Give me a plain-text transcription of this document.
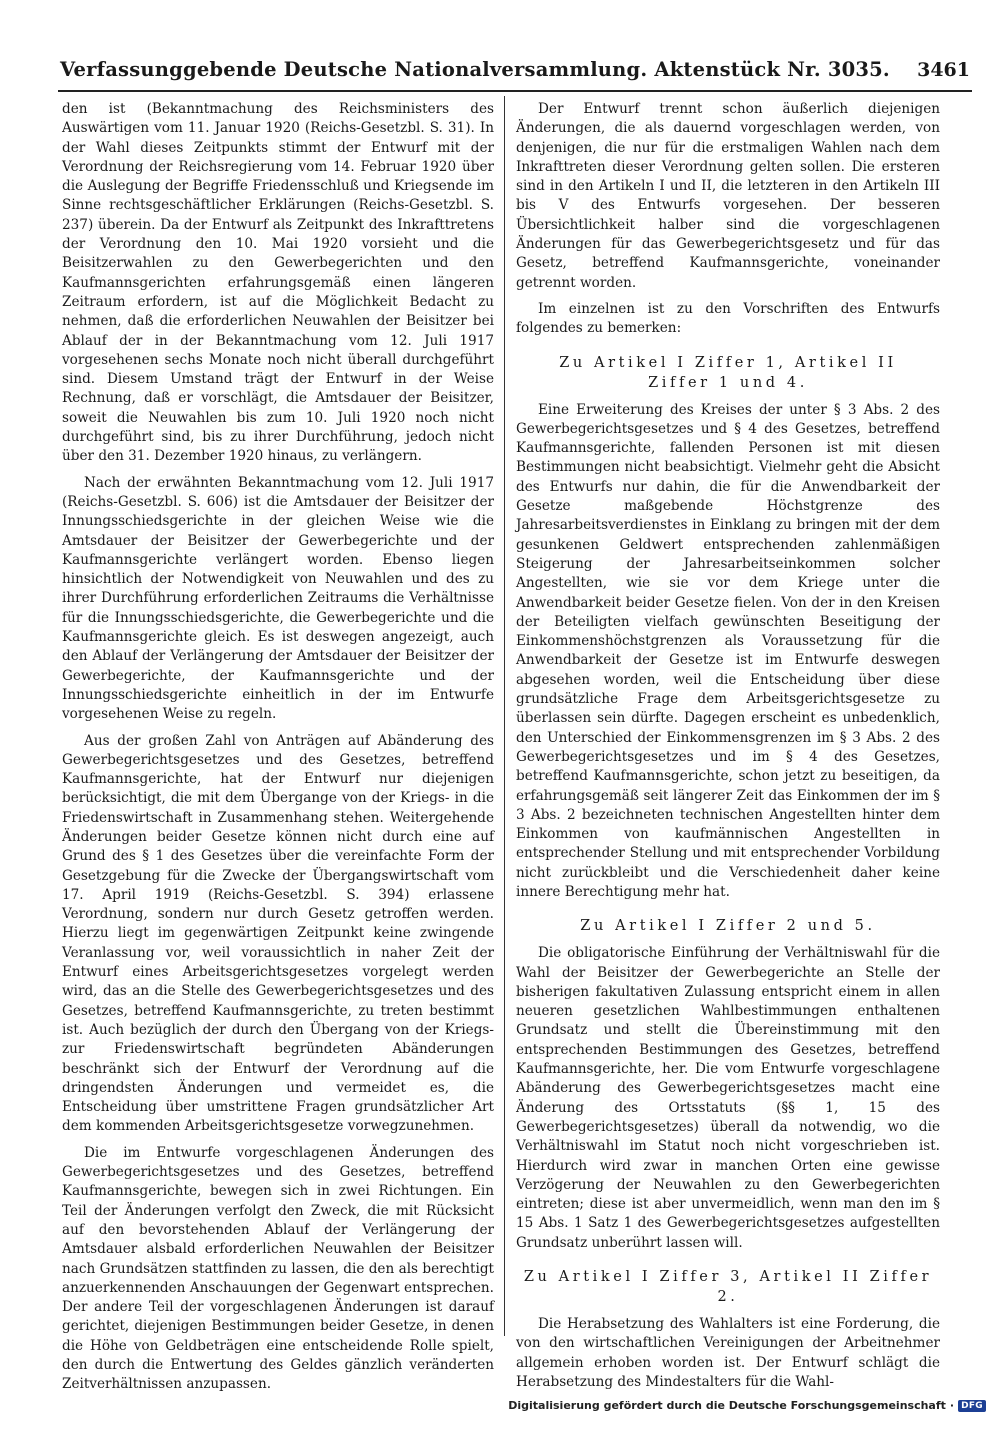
Verfassunggebende Deutsche Nationalversammlung. Aktenstück Nr. 3035. 3461

den ist (Bekanntmachung des Reichsministers des Auswärtigen vom 11. Januar 1920 (Reichs-Gesetzbl. S. 31). In der Wahl dieses Zeitpunkts stimmt der Entwurf mit der Verordnung der Reichsregierung vom 14. Februar 1920 über die Auslegung der Begriffe Friedensschluß und Kriegsende im Sinne rechtsgeschäftlicher Erklärungen (Reichs-Gesetzbl. S. 237) überein. Da der Entwurf als Zeitpunkt des Inkrafttretens der Verordnung den 10. Mai 1920 vorsieht und die Beisitzerwahlen zu den Gewerbegerichten und den Kaufmannsgerichten erfahrungsgemäß einen längeren Zeitraum erfordern, ist auf die Möglichkeit Bedacht zu nehmen, daß die erforderlichen Neuwahlen der Beisitzer bei Ablauf der in der Bekanntmachung vom 12. Juli 1917 vorgesehenen sechs Monate noch nicht überall durchgeführt sind. Diesem Umstand trägt der Entwurf in der Weise Rechnung, daß er vorschlägt, die Amtsdauer der Beisitzer, soweit die Neuwahlen bis zum 10. Juli 1920 noch nicht durchgeführt sind, bis zu ihrer Durchführung, jedoch nicht über den 31. Dezember 1920 hinaus, zu verlängern.

Nach der erwähnten Bekanntmachung vom 12. Juli 1917 (Reichs-Gesetzbl. S. 606) ist die Amtsdauer der Beisitzer der Innungsschiedsgerichte in der gleichen Weise wie die Amtsdauer der Beisitzer der Gewerbegerichte und der Kaufmannsgerichte verlängert worden. Ebenso liegen hinsichtlich der Notwendigkeit von Neuwahlen und des zu ihrer Durchführung erforderlichen Zeitraums die Verhältnisse für die Innungsschiedsgerichte, die Gewerbegerichte und die Kaufmannsgerichte gleich. Es ist deswegen angezeigt, auch den Ablauf der Verlängerung der Amtsdauer der Beisitzer der Gewerbegerichte, der Kaufmannsgerichte und der Innungsschiedsgerichte einheitlich in der im Entwurfe vorgesehenen Weise zu regeln.

Aus der großen Zahl von Anträgen auf Abänderung des Gewerbegerichtsgesetzes und des Gesetzes, betreffend Kaufmannsgerichte, hat der Entwurf nur diejenigen berücksichtigt, die mit dem Übergange von der Kriegs- in die Friedenswirtschaft in Zusammenhang stehen. Weitergehende Änderungen beider Gesetze können nicht durch eine auf Grund des § 1 des Gesetzes über die vereinfachte Form der Gesetzgebung für die Zwecke der Übergangswirtschaft vom 17. April 1919 (Reichs-Gesetzbl. S. 394) erlassene Verordnung, sondern nur durch Gesetz getroffen werden. Hierzu liegt im gegenwärtigen Zeitpunkt keine zwingende Veranlassung vor, weil voraussichtlich in naher Zeit der Entwurf eines Arbeitsgerichtsgesetzes vorgelegt werden wird, das an die Stelle des Gewerbegerichtsgesetzes und des Gesetzes, betreffend Kaufmannsgerichte, zu treten bestimmt ist. Auch bezüglich der durch den Übergang von der Kriegs- zur Friedenswirtschaft begründeten Abänderungen beschränkt sich der Entwurf der Verordnung auf die dringendsten Änderungen und vermeidet es, die Entscheidung über umstrittene Fragen grundsätzlicher Art dem kommenden Arbeitsgerichtsgesetze vorwegzunehmen.

Die im Entwurfe vorgeschlagenen Änderungen des Gewerbegerichtsgesetzes und des Gesetzes, betreffend Kaufmannsgerichte, bewegen sich in zwei Richtungen. Ein Teil der Änderungen verfolgt den Zweck, die mit Rücksicht auf den bevorstehenden Ablauf der Verlängerung der Amtsdauer alsbald erforderlichen Neuwahlen der Beisitzer nach Grundsätzen stattfinden zu lassen, die den als berechtigt anzuerkennenden Anschauungen der Gegenwart entsprechen. Der andere Teil der vorgeschlagenen Änderungen ist darauf gerichtet, diejenigen Bestimmungen beider Gesetze, in denen die Höhe von Geldbeträgen eine entscheidende Rolle spielt, den durch die Entwertung des Geldes gänzlich veränderten Zeitverhältnissen anzupassen.

Der Entwurf trennt schon äußerlich diejenigen Änderungen, die als dauernd vorgeschlagen werden, von denjenigen, die nur für die erstmaligen Wahlen nach dem Inkrafttreten dieser Verordnung gelten sollen. Die ersteren sind in den Artikeln I und II, die letzteren in den Artikeln III bis V des Entwurfs vorgesehen. Der besseren Übersichtlichkeit halber sind die vorgeschlagenen Änderungen für das Gewerbegerichtsgesetz und für das Gesetz, betreffend Kaufmannsgerichte, voneinander getrennt worden.

Im einzelnen ist zu den Vorschriften des Entwurfs folgendes zu bemerken:

Zu Artikel I Ziffer 1, Artikel II
Ziffer 1 und 4.

Eine Erweiterung des Kreises der unter § 3 Abs. 2 des Gewerbegerichtsgesetzes und § 4 des Gesetzes, betreffend Kaufmannsgerichte, fallenden Personen ist mit diesen Bestimmungen nicht beabsichtigt. Vielmehr geht die Absicht des Entwurfs nur dahin, die für die Anwendbarkeit der Gesetze maßgebende Höchstgrenze des Jahresarbeitsverdienstes in Einklang zu bringen mit der dem gesunkenen Geldwert entsprechenden zahlenmäßigen Steigerung der Jahresarbeitseinkommen solcher Angestellten, wie sie vor dem Kriege unter die Anwendbarkeit beider Gesetze fielen. Von der in den Kreisen der Beteiligten vielfach gewünschten Beseitigung der Einkommenshöchstgrenzen als Voraussetzung für die Anwendbarkeit der Gesetze ist im Entwurfe deswegen abgesehen worden, weil die Entscheidung über diese grundsätzliche Frage dem Arbeitsgerichtsgesetze zu überlassen sein dürfte. Dagegen erscheint es unbedenklich, den Unterschied der Einkommensgrenzen im § 3 Abs. 2 des Gewerbegerichtsgesetzes und im § 4 des Gesetzes, betreffend Kaufmannsgerichte, schon jetzt zu beseitigen, da erfahrungsgemäß seit längerer Zeit das Einkommen der im § 3 Abs. 2 bezeichneten technischen Angestellten hinter dem Einkommen von kaufmännischen Angestellten in entsprechender Stellung und mit entsprechender Vorbildung nicht zurückbleibt und die Verschiedenheit daher keine innere Berechtigung mehr hat.

Zu Artikel I Ziffer 2 und 5.

Die obligatorische Einführung der Verhältniswahl für die Wahl der Beisitzer der Gewerbegerichte an Stelle der bisherigen fakultativen Zulassung entspricht einem in allen neueren gesetzlichen Wahlbestimmungen enthaltenen Grundsatz und stellt die Übereinstimmung mit den entsprechenden Bestimmungen des Gesetzes, betreffend Kaufmannsgerichte, her. Die vom Entwurfe vorgeschlagene Abänderung des Gewerbegerichtsgesetzes macht eine Änderung des Ortsstatuts (§§ 1, 15 des Gewerbegerichtsgesetzes) überall da notwendig, wo die Verhältniswahl im Statut noch nicht vorgeschrieben ist. Hierdurch wird zwar in manchen Orten eine gewisse Verzögerung der Neuwahlen zu den Gewerbegerichten eintreten; diese ist aber unvermeidlich, wenn man den im § 15 Abs. 1 Satz 1 des Gewerbegerichtsgesetzes aufgestellten Grundsatz unberührt lassen will.

Zu Artikel I Ziffer 3, Artikel II Ziffer 2.

Die Herabsetzung des Wahlalters ist eine Forderung, die von den wirtschaftlichen Vereinigungen der Arbeitnehmer allgemein erhoben worden ist. Der Entwurf schlägt die Herabsetzung des Mindestalters für die Wahl-

Digitalisierung gefördert durch die Deutsche Forschungsgemeinschaft · DFG
